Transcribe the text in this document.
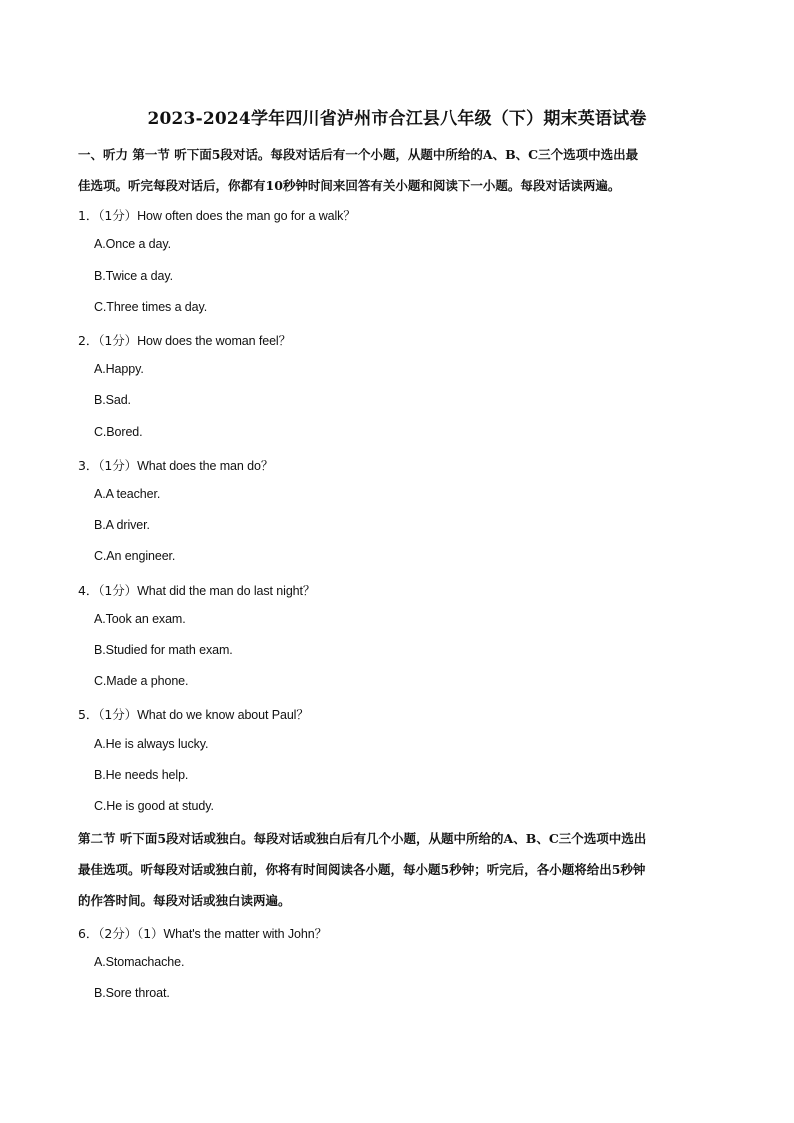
2023-2024学年四川省泸州市合江县八年级（下）期末英语试卷
一、听力 第一节 听下面5段对话。每段对话后有一个小题，从题中所给的A、B、C三个选项中选出最
佳选项。听完每段对话后，你都有10秒钟时间来回答有关小题和阅读下一小题。每段对话读两遍。
1．（1分）How often does the man go for a walk？
A.Once a day.
B.Twice a day.
C.Three times a day.
2．（1分）How does the woman feel？
A.Happy.
B.Sad.
C.Bored.
3．（1分）What does the man do？
A.A teacher.
B.A driver.
C.An engineer.
4．（1分）What did the man do last night？
A.Took an exam.
B.Studied for math exam.
C.Made a phone.
5．（1分）What do we know about Paul？
A.He is always lucky.
B.He needs help.
C.He is good at study.
第二节 听下面5段对话或独白。每段对话或独白后有几个小题，从题中所给的A、B、C三个选项中选出
最佳选项。听每段对话或独白前，你将有时间阅读各小题，每小题5秒钟；听完后，各小题将给出5秒钟
的作答时间。每段对话或独白读两遍。
6．（2分）（1）What's the matter with John？
A.Stomachache.
B.Sore throat.
